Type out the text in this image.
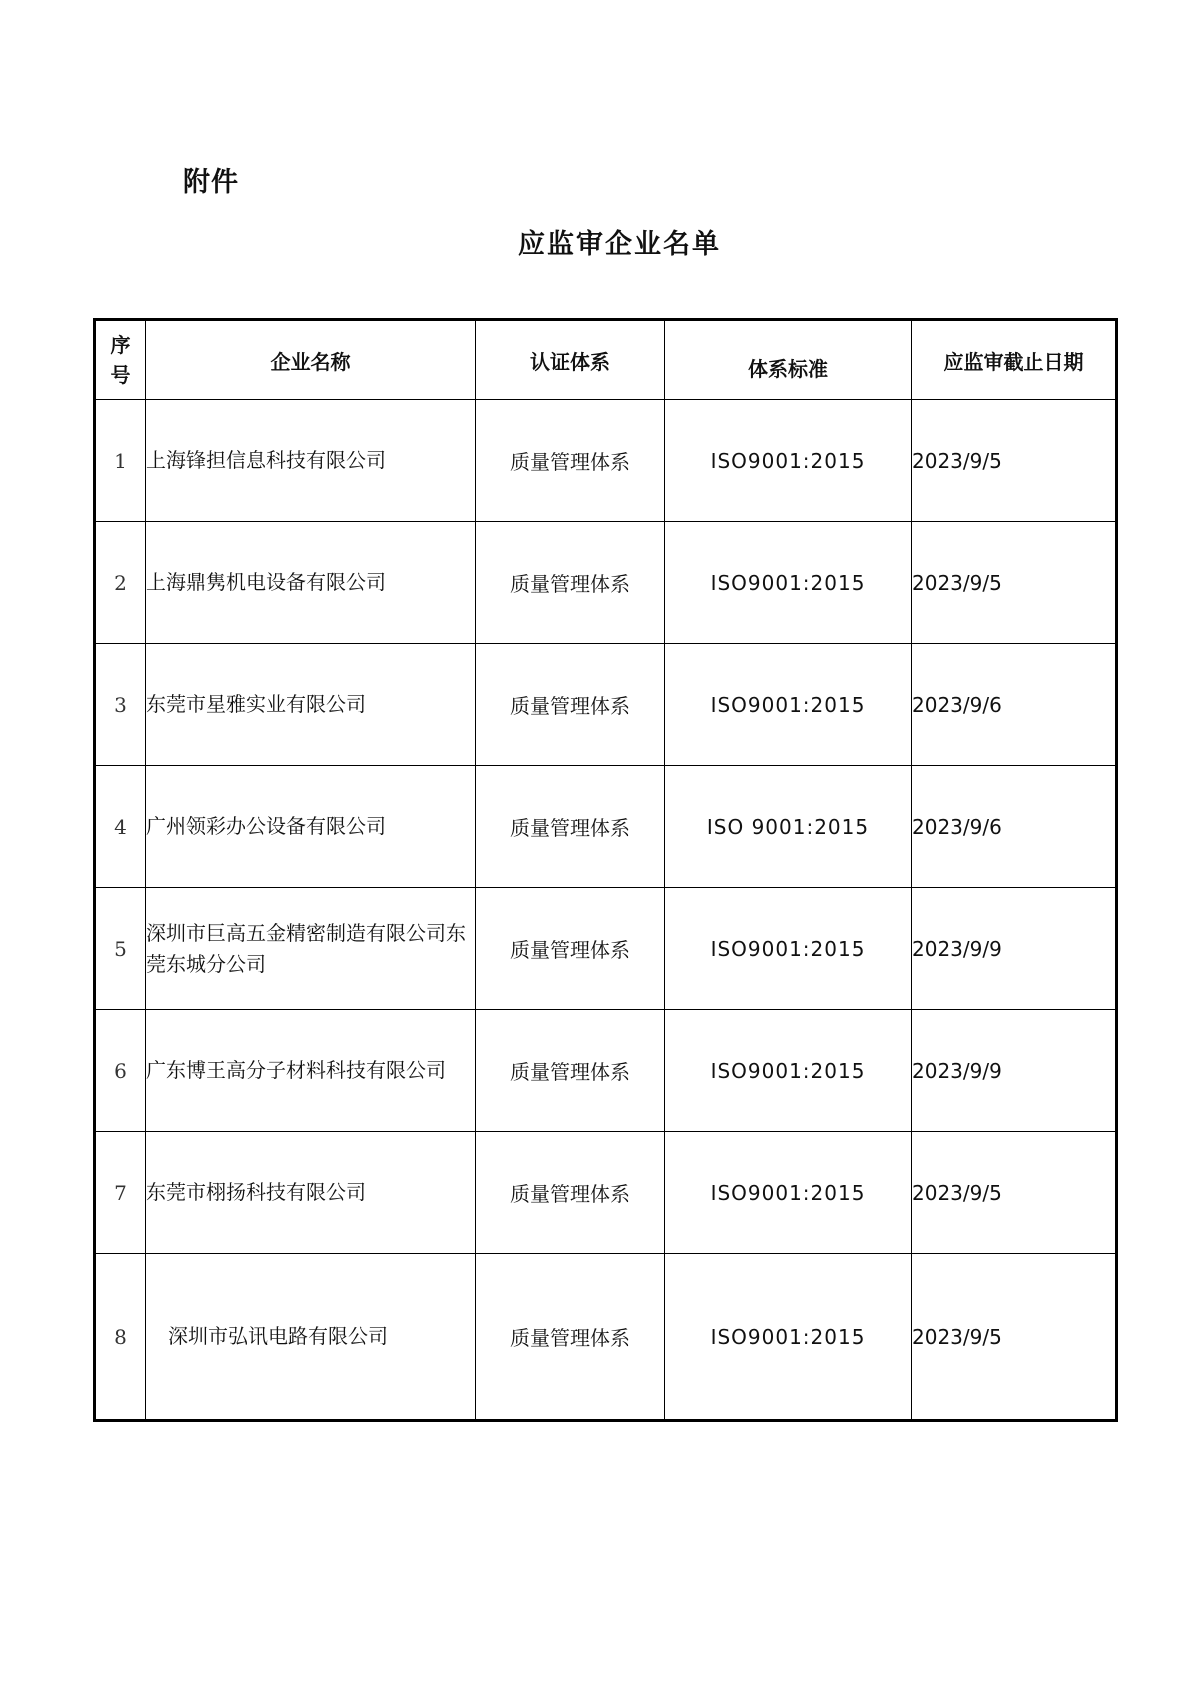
附件
应监审企业名单
序
号	企业名称	认证体系	体系标准	应监审截止日期
1	上海锋担信息科技有限公司	质量管理体系	ISO9001:2015	2023/9/5
2	上海鼎隽机电设备有限公司	质量管理体系	ISO9001:2015	2023/9/5
3	东莞市星雅实业有限公司	质量管理体系	ISO9001:2015	2023/9/6
4	广州领彩办公设备有限公司	质量管理体系	ISO 9001:2015	2023/9/6
5	深圳市巨高五金精密制造有限公司东莞东城分公司	质量管理体系	ISO9001:2015	2023/9/9
6	广东博王高分子材料科技有限公司	质量管理体系	ISO9001:2015	2023/9/9
7	东莞市栩扬科技有限公司	质量管理体系	ISO9001:2015	2023/9/5
8	深圳市弘讯电路有限公司	质量管理体系	ISO9001:2015	2023/9/5
